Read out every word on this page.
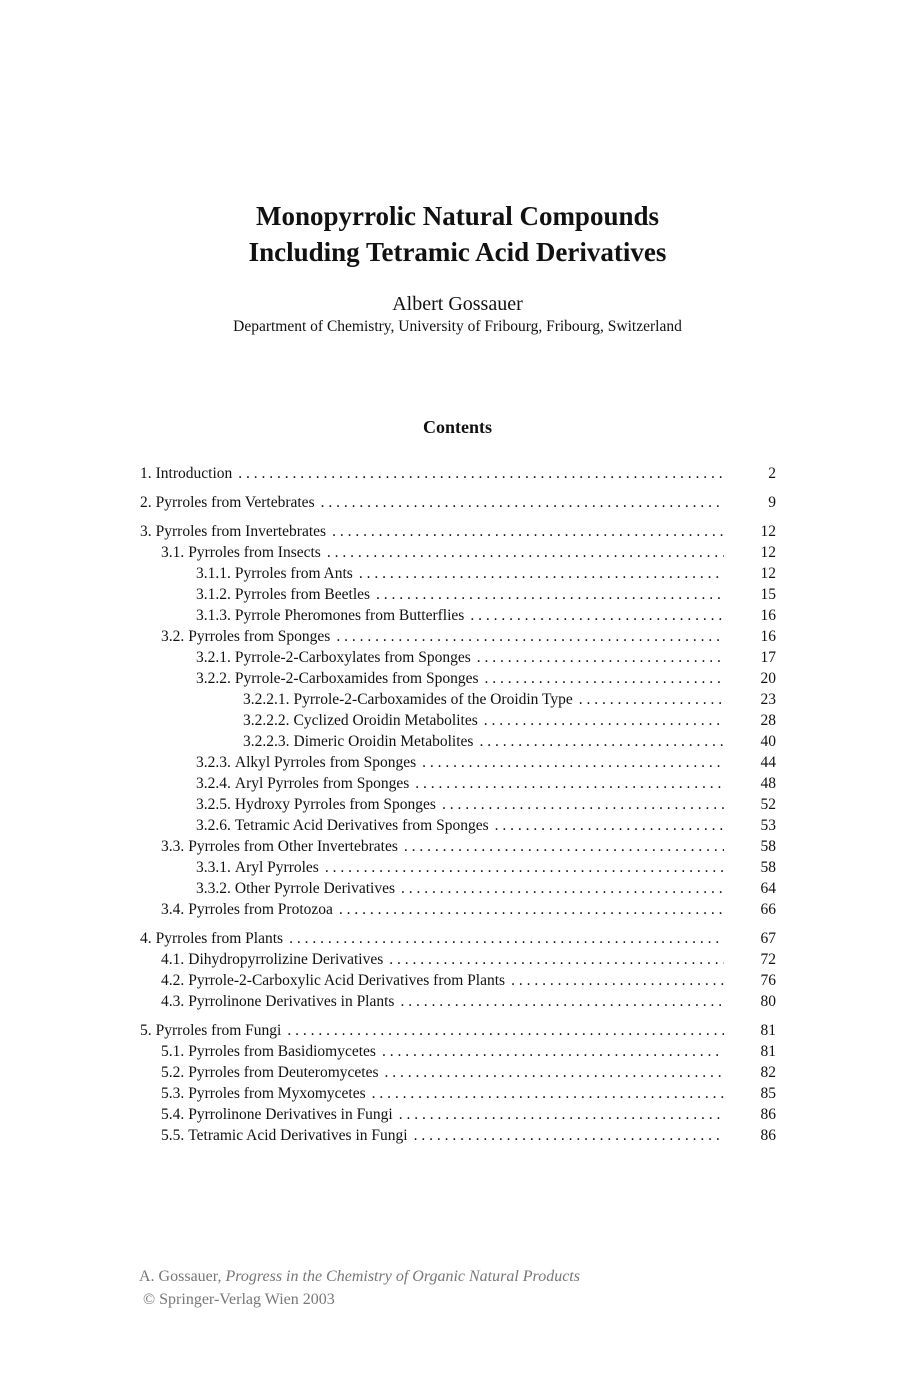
Monopyrrolic Natural Compounds
Including Tetramic Acid Derivatives
Albert Gossauer
Department of Chemistry, University of Fribourg, Fribourg, Switzerland
Contents
1. Introduction . . .	2
2. Pyrroles from Vertebrates . . .	9
3. Pyrroles from Invertebrates . . .	12
3.1. Pyrroles from Insects . . .	12
3.1.1. Pyrroles from Ants . . .	12
3.1.2. Pyrroles from Beetles . . .	15
3.1.3. Pyrrole Pheromones from Butterflies . . .	16
3.2. Pyrroles from Sponges . . .	16
3.2.1. Pyrrole-2-Carboxylates from Sponges . . .	17
3.2.2. Pyrrole-2-Carboxamides from Sponges . . .	20
3.2.2.1. Pyrrole-2-Carboxamides of the Oroidin Type . . .	23
3.2.2.2. Cyclized Oroidin Metabolites . . .	28
3.2.2.3. Dimeric Oroidin Metabolites . . .	40
3.2.3. Alkyl Pyrroles from Sponges . . .	44
3.2.4. Aryl Pyrroles from Sponges . . .	48
3.2.5. Hydroxy Pyrroles from Sponges . . .	52
3.2.6. Tetramic Acid Derivatives from Sponges . . .	53
3.3. Pyrroles from Other Invertebrates . . .	58
3.3.1. Aryl Pyrroles . . .	58
3.3.2. Other Pyrrole Derivatives . . .	64
3.4. Pyrroles from Protozoa . . .	66
4. Pyrroles from Plants . . .	67
4.1. Dihydropyrrolizine Derivatives . . .	72
4.2. Pyrrole-2-Carboxylic Acid Derivatives from Plants . . .	76
4.3. Pyrrolinone Derivatives in Plants . . .	80
5. Pyrroles from Fungi . . .	81
5.1. Pyrroles from Basidiomycetes . . .	81
5.2. Pyrroles from Deuteromycetes . . .	82
5.3. Pyrroles from Myxomycetes . . .	85
5.4. Pyrrolinone Derivatives in Fungi . . .	86
5.5. Tetramic Acid Derivatives in Fungi . . .	86
A. Gossauer, Progress in the Chemistry of Organic Natural Products
© Springer-Verlag Wien 2003
